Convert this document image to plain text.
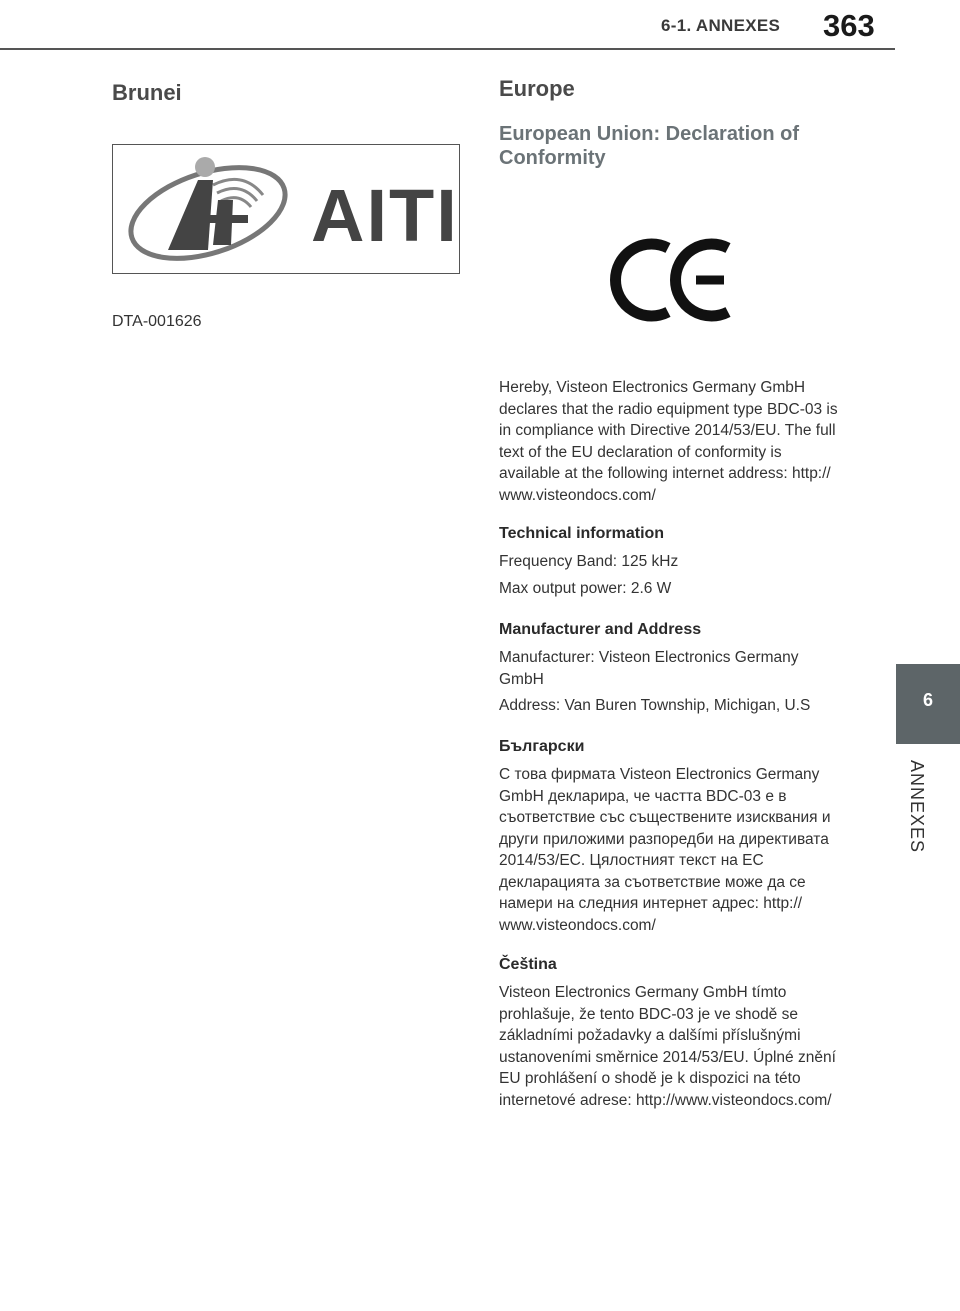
6-1. ANNEXES 363
6
ANNEXES
Brunei
AITI
DTA-001626
Europe
European Union: Declaration of Conformity
Hereby, Visteon Electronics Germany GmbH declares that the radio equipment type BDC-03 is in compliance with Directive 2014/53/EU. The full text of the EU declaration of conformity is available at the following internet address: http:// www.visteondocs.com/
Technical information
Frequency Band: 125 kHz
Max output power: 2.6 W
Manufacturer and Address
Manufacturer: Visteon Electronics Germany GmbH
Address: Van Buren Township, Michigan, U.S
Български
С това фирмата Visteon Electronics Germany GmbH декларира, че частта BDC-03 е в съответствие със съществените изисквания и други приложими разпоредби на директивата 2014/53/EC. Цялостният текст на EC декларацията за съответствие може да се намери на следния интернет адрес: http:// www.visteondocs.com/
Čeština
Visteon Electronics Germany GmbH tímto prohlašuje, že tento BDC-03 je ve shodě se základními požadavky a dalšími příslušnými ustanoveními směrnice 2014/53/EU. Úplné znění EU prohlášení o shodě je k dispozici na této internetové adrese: http://www.visteondocs.com/
